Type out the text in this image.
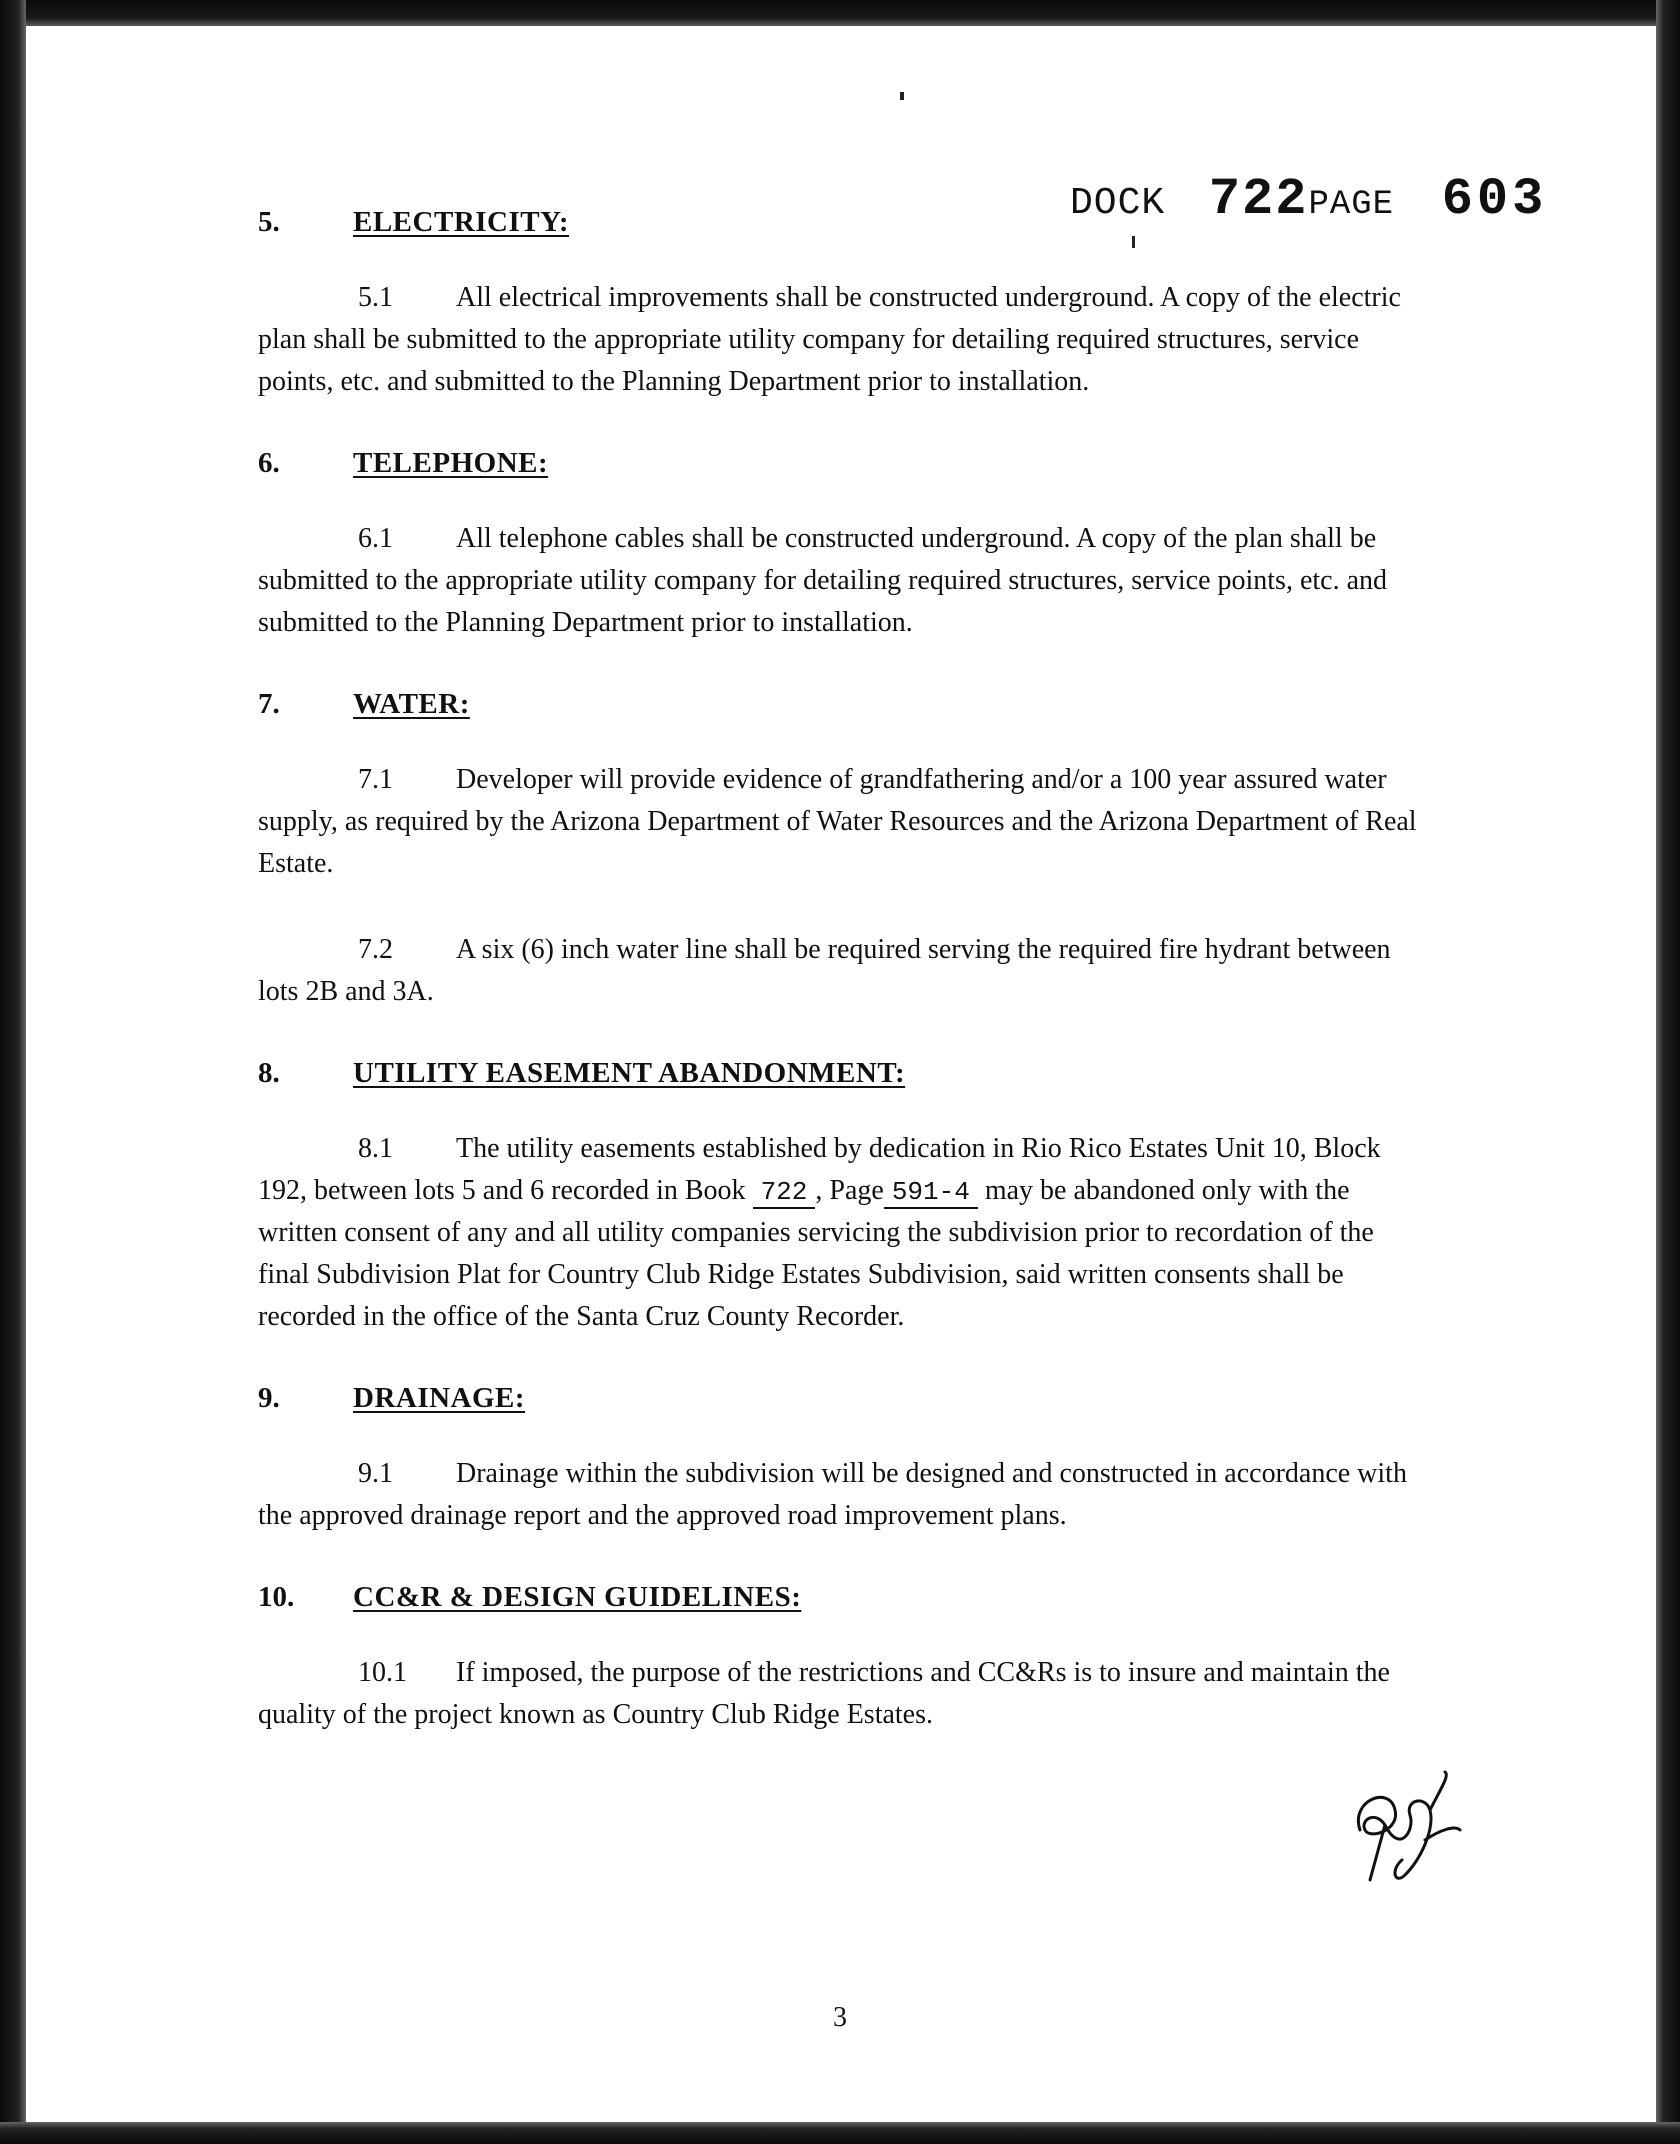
DOCK 722PAGE 603
5.	ELECTRICITY:

5.1 All electrical improvements shall be constructed underground. A copy of the electric plan shall be submitted to the appropriate utility company for detailing required structures, service points, etc. and submitted to the Planning Department prior to installation.

6.	TELEPHONE:

6.1 All telephone cables shall be constructed underground. A copy of the plan shall be submitted to the appropriate utility company for detailing required structures, service points, etc. and submitted to the Planning Department prior to installation.

7.	WATER:

7.1 Developer will provide evidence of grandfathering and/or a 100 year assured water supply, as required by the Arizona Department of Water Resources and the Arizona Department of Real Estate.

7.2 A six (6) inch water line shall be required serving the required fire hydrant between lots 2B and 3A.

8.	UTILITY EASEMENT ABANDONMENT:

8.1 The utility easements established by dedication in Rio Rico Estates Unit 10, Block 192, between lots 5 and 6 recorded in Book 722 , Page 591-4 may be abandoned only with the written consent of any and all utility companies servicing the subdivision prior to recordation of the final Subdivision Plat for Country Club Ridge Estates Subdivision, said written consents shall be recorded in the office of the Santa Cruz County Recorder.

9.	DRAINAGE:

9.1 Drainage within the subdivision will be designed and constructed in accordance with the approved drainage report and the approved road improvement plans.

10.	CC&R & DESIGN GUIDELINES:

10.1 If imposed, the purpose of the restrictions and CC&Rs is to insure and maintain the quality of the project known as Country Club Ridge Estates.

3
